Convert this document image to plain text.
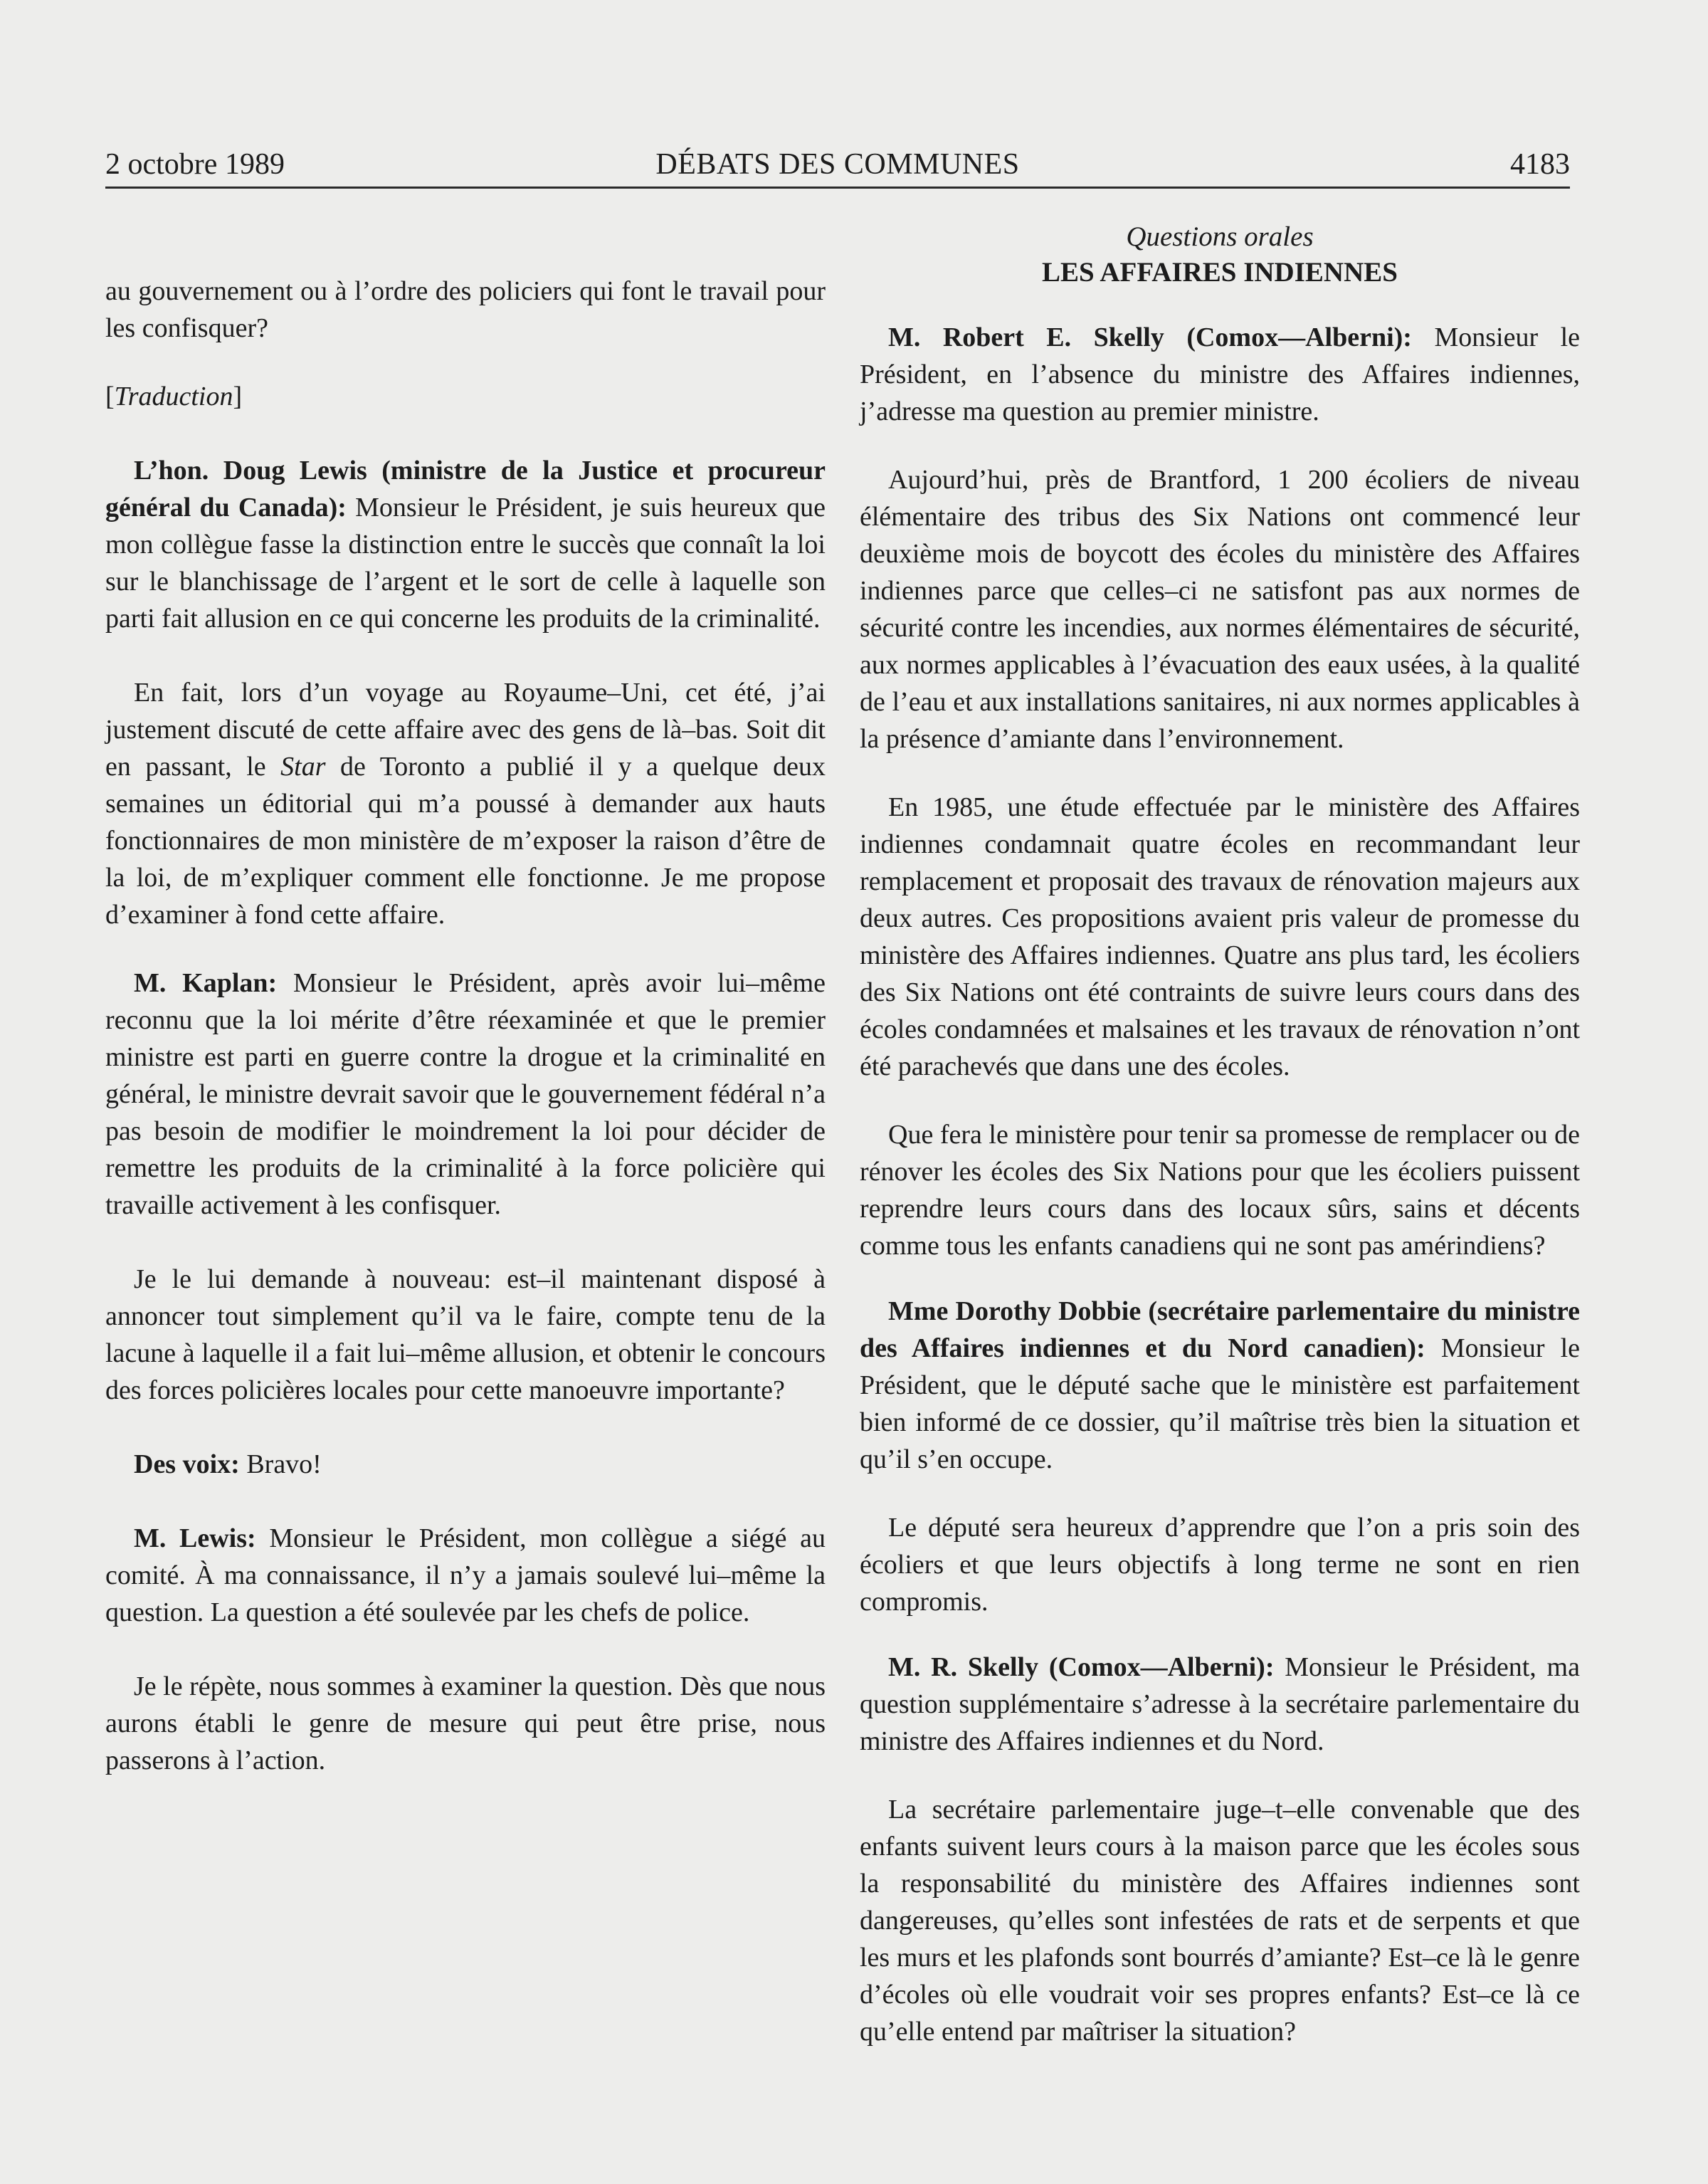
2 octobre 1989	DÉBATS DES COMMUNES	4183

au gouvernement ou à l’ordre des policiers qui font le travail pour les confisquer?

[Traduction]

L’hon. Doug Lewis (ministre de la Justice et procureur général du Canada): Monsieur le Président, je suis heureux que mon collègue fasse la distinction entre le succès que connaît la loi sur le blanchissage de l’argent et le sort de celle à laquelle son parti fait allusion en ce qui concerne les produits de la criminalité.

En fait, lors d’un voyage au Royaume–Uni, cet été, j’ai justement discuté de cette affaire avec des gens de là–bas. Soit dit en passant, le Star de Toronto a publié il y a quelque deux semaines un éditorial qui m’a poussé à demander aux hauts fonctionnaires de mon ministère de m’exposer la raison d’être de la loi, de m’expliquer comment elle fonctionne. Je me propose d’examiner à fond cette affaire.

M. Kaplan: Monsieur le Président, après avoir lui–même reconnu que la loi mérite d’être réexaminée et que le premier ministre est parti en guerre contre la drogue et la criminalité en général, le ministre devrait savoir que le gouvernement fédéral n’a pas besoin de modifier le moindrement la loi pour décider de remettre les produits de la criminalité à la force policière qui travaille activement à les confisquer.

Je le lui demande à nouveau: est–il maintenant disposé à annoncer tout simplement qu’il va le faire, compte tenu de la lacune à laquelle il a fait lui–même allusion, et obtenir le concours des forces policières locales pour cette manoeuvre importante?

Des voix: Bravo!

M. Lewis: Monsieur le Président, mon collègue a siégé au comité. À ma connaissance, il n’y a jamais soulevé lui–même la question. La question a été soulevée par les chefs de police.

Je le répète, nous sommes à examiner la question. Dès que nous aurons établi le genre de mesure qui peut être prise, nous passerons à l’action.

Questions orales

LES AFFAIRES INDIENNES

M. Robert E. Skelly (Comox—Alberni): Monsieur le Président, en l’absence du ministre des Affaires indiennes, j’adresse ma question au premier ministre.

Aujourd’hui, près de Brantford, 1 200 écoliers de niveau élémentaire des tribus des Six Nations ont commencé leur deuxième mois de boycott des écoles du ministère des Affaires indiennes parce que celles–ci ne satisfont pas aux normes de sécurité contre les incendies, aux normes élémentaires de sécurité, aux normes applicables à l’évacuation des eaux usées, à la qualité de l’eau et aux installations sanitaires, ni aux normes applicables à la présence d’amiante dans l’environnement.

En 1985, une étude effectuée par le ministère des Affaires indiennes condamnait quatre écoles en recommandant leur remplacement et proposait des travaux de rénovation majeurs aux deux autres. Ces propositions avaient pris valeur de promesse du ministère des Affaires indiennes. Quatre ans plus tard, les écoliers des Six Nations ont été contraints de suivre leurs cours dans des écoles condamnées et malsaines et les travaux de rénovation n’ont été parachevés que dans une des écoles.

Que fera le ministère pour tenir sa promesse de remplacer ou de rénover les écoles des Six Nations pour que les écoliers puissent reprendre leurs cours dans des locaux sûrs, sains et décents comme tous les enfants canadiens qui ne sont pas amérindiens?

Mme Dorothy Dobbie (secrétaire parlementaire du ministre des Affaires indiennes et du Nord canadien): Monsieur le Président, que le député sache que le ministère est parfaitement bien informé de ce dossier, qu’il maîtrise très bien la situation et qu’il s’en occupe.

Le député sera heureux d’apprendre que l’on a pris soin des écoliers et que leurs objectifs à long terme ne sont en rien compromis.

M. R. Skelly (Comox—Alberni): Monsieur le Président, ma question supplémentaire s’adresse à la secrétaire parlementaire du ministre des Affaires indiennes et du Nord.

La secrétaire parlementaire juge–t–elle convenable que des enfants suivent leurs cours à la maison parce que les écoles sous la responsabilité du ministère des Affaires indiennes sont dangereuses, qu’elles sont infestées de rats et de serpents et que les murs et les plafonds sont bourrés d’amiante? Est–ce là le genre d’écoles où elle voudrait voir ses propres enfants? Est–ce là ce qu’elle entend par maîtriser la situation?
